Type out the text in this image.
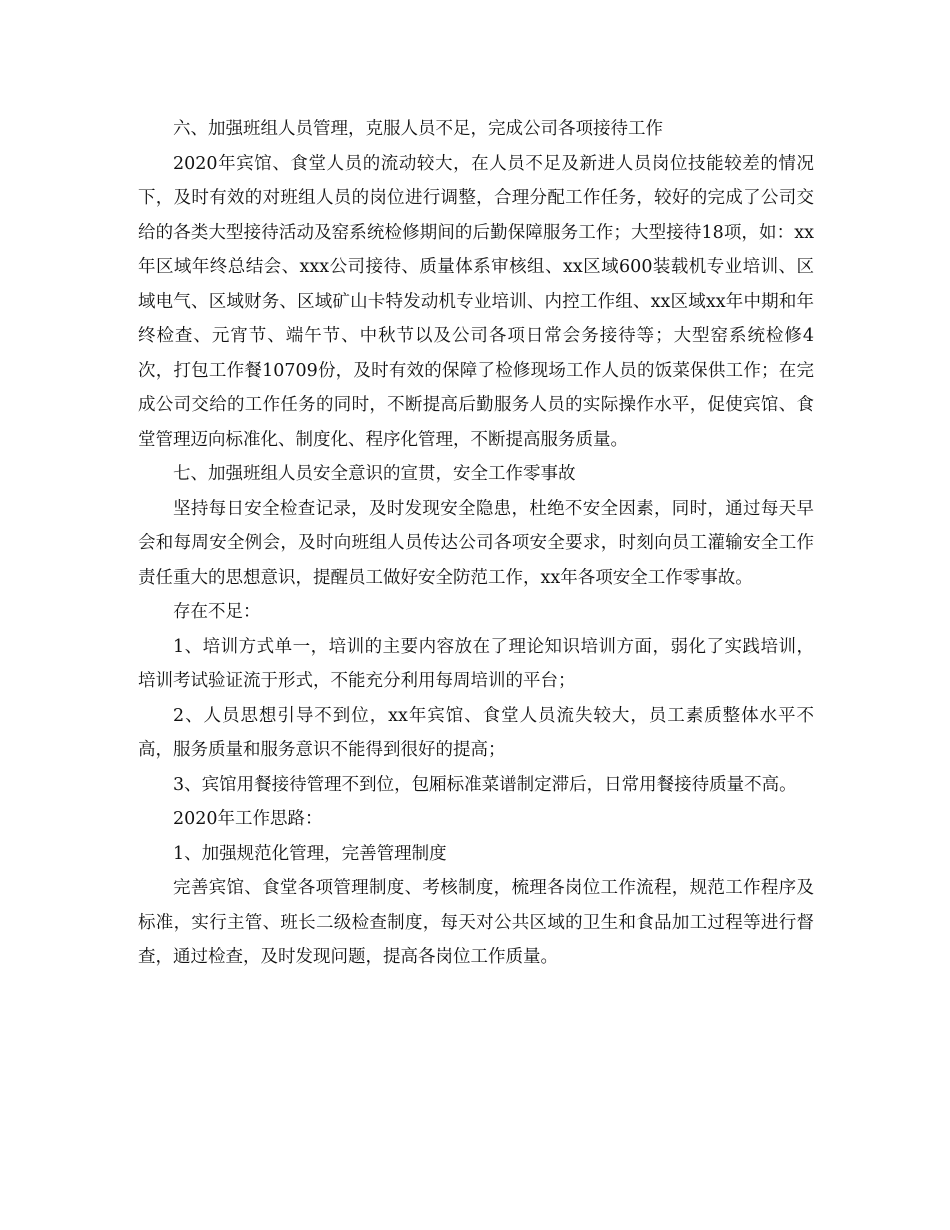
六、加强班组人员管理，克服人员不足，完成公司各项接待工作

2020年宾馆、食堂人员的流动较大，在人员不足及新进人员岗位技能较差的情况下，及时有效的对班组人员的岗位进行调整，合理分配工作任务，较好的完成了公司交给的各类大型接待活动及窑系统检修期间的后勤保障服务工作；大型接待18项，如：xx年区域年终总结会、xxx公司接待、质量体系审核组、xx区域600装载机专业培训、区域电气、区域财务、区域矿山卡特发动机专业培训、内控工作组、xx区域xx年中期和年终检查、元宵节、端午节、中秋节以及公司各项日常会务接待等；大型窑系统检修4次，打包工作餐10709份，及时有效的保障了检修现场工作人员的饭菜保供工作；在完成公司交给的工作任务的同时，不断提高后勤服务人员的实际操作水平，促使宾馆、食堂管理迈向标准化、制度化、程序化管理，不断提高服务质量。

七、加强班组人员安全意识的宣贯，安全工作零事故

坚持每日安全检查记录，及时发现安全隐患，杜绝不安全因素，同时，通过每天早会和每周安全例会，及时向班组人员传达公司各项安全要求，时刻向员工灌输安全工作责任重大的思想意识，提醒员工做好安全防范工作，xx年各项安全工作零事故。

存在不足：

1、培训方式单一，培训的主要内容放在了理论知识培训方面，弱化了实践培训，培训考试验证流于形式，不能充分利用每周培训的平台；

2、人员思想引导不到位，xx年宾馆、食堂人员流失较大，员工素质整体水平不高，服务质量和服务意识不能得到很好的提高；

3、宾馆用餐接待管理不到位，包厢标准菜谱制定滞后，日常用餐接待质量不高。

2020年工作思路：

1、加强规范化管理，完善管理制度

完善宾馆、食堂各项管理制度、考核制度，梳理各岗位工作流程，规范工作程序及标准，实行主管、班长二级检查制度，每天对公共区域的卫生和食品加工过程等进行督查，通过检查，及时发现问题，提高各岗位工作质量。
